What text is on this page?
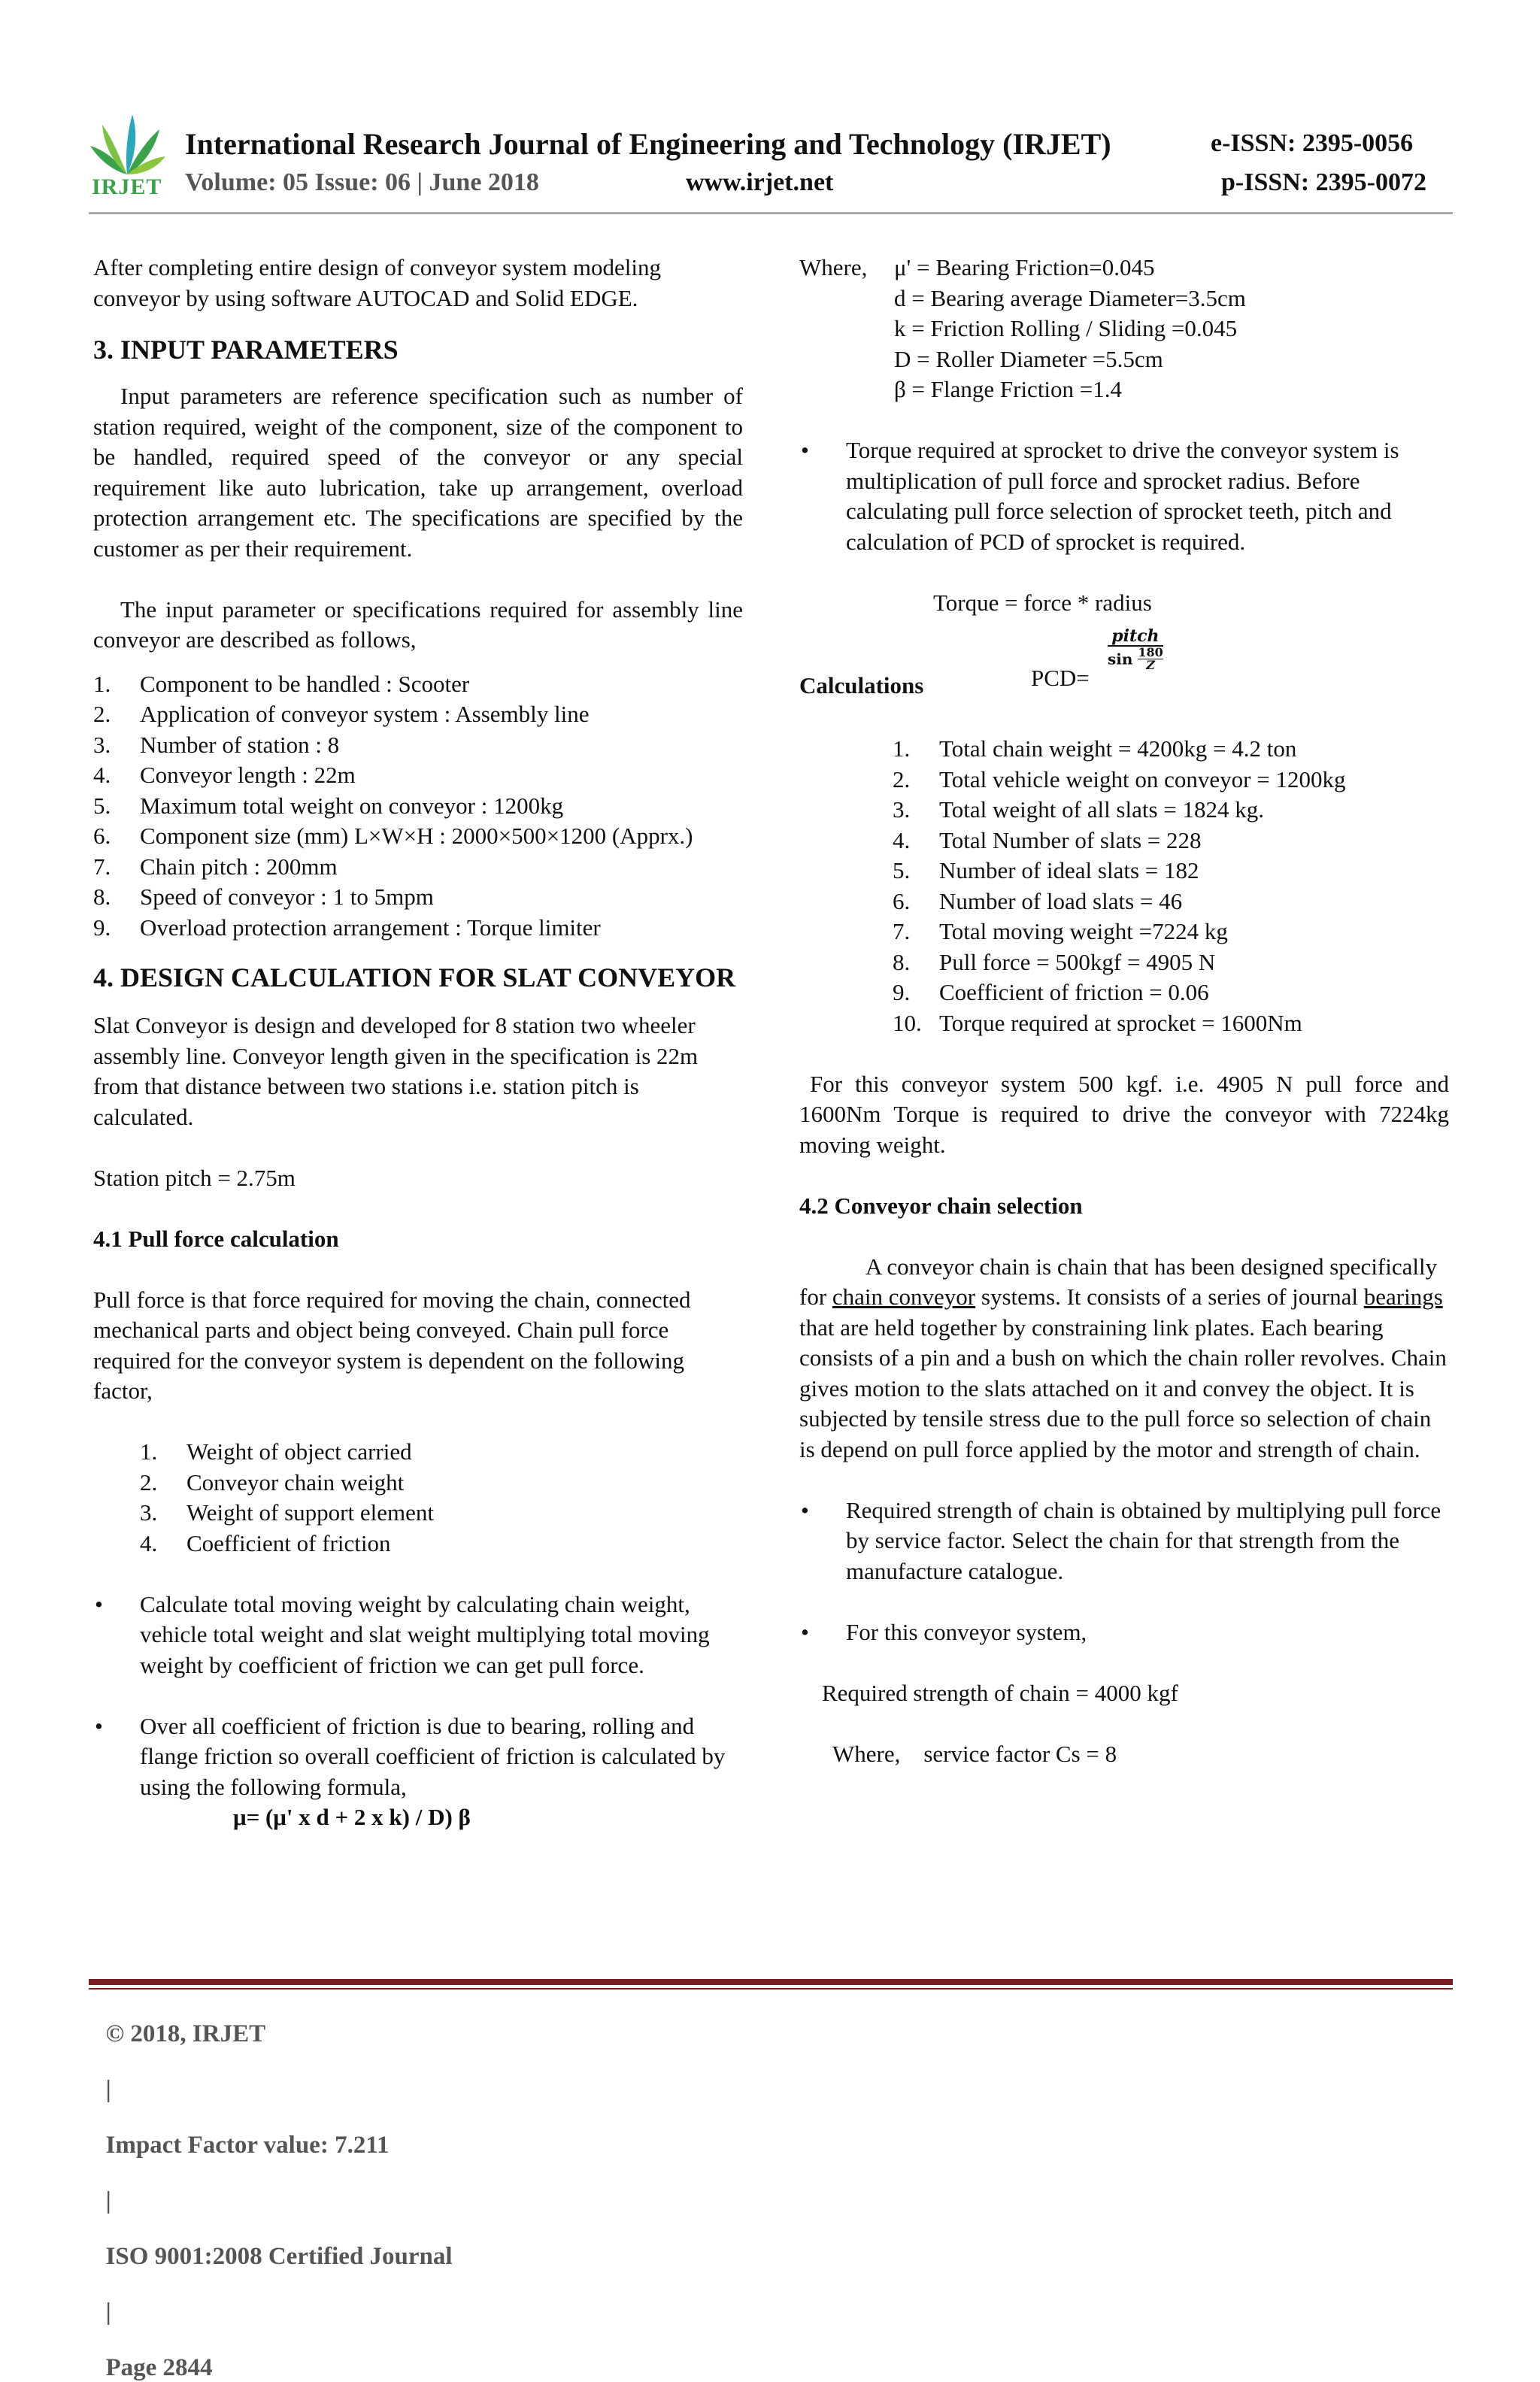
IRJET
International Research Journal of Engineering and Technology (IRJET)	e-ISSN: 2395-0056
Volume: 05 Issue: 06 | June 2018	www.irjet.net	p-ISSN: 2395-0072

After completing entire design of conveyor system modeling conveyor by using software AUTOCAD and Solid EDGE.

3. INPUT PARAMETERS

Input parameters are reference specification such as number of station required, weight of the component, size of the component to be handled, required speed of the conveyor or any special requirement like auto lubrication, take up arrangement, overload protection arrangement etc. The specifications are specified by the customer as per their requirement.

The input parameter or specifications required for assembly line conveyor are described as follows,

1. Component to be handled : Scooter
2. Application of conveyor system : Assembly line
3. Number of station : 8
4. Conveyor length : 22m
5. Maximum total weight on conveyor : 1200kg
6. Component size (mm) L×W×H : 2000×500×1200 (Apprx.)
7. Chain pitch : 200mm
8. Speed of conveyor : 1 to 5mpm
9. Overload protection arrangement : Torque limiter

4. DESIGN CALCULATION FOR SLAT CONVEYOR

Slat Conveyor is design and developed for 8 station two wheeler assembly line. Conveyor length given in the specification is 22m from that distance between two stations i.e. station pitch is calculated.

Station pitch = 2.75m

4.1 Pull force calculation

Pull force is that force required for moving the chain, connected mechanical parts and object being conveyed. Chain pull force required for the conveyor system is dependent on the following factor,

1. Weight of object carried
2. Conveyor chain weight
3. Weight of support element
4. Coefficient of friction
• Calculate total moving weight by calculating chain weight, vehicle total weight and slat weight multiplying total moving weight by coefficient of friction we can get pull force.
• Over all coefficient of friction is due to bearing, rolling and flange friction so overall coefficient of friction is calculated by using the following formula,

μ= (μ' x d + 2 x k) / D) β

Where, μ' = Bearing Friction=0.045

d = Bearing average Diameter=3.5cm

k = Friction Rolling / Sliding =0.045

D = Roller Diameter =5.5cm

β = Flange Friction =1.4

• Torque required at sprocket to drive the conveyor system is multiplication of pull force and sprocket radius. Before calculating pull force selection of sprocket teeth, pitch and calculation of PCD of sprocket is required.

Torque = force * radius

PCD=
pitch
$\sin \frac{180}{Z}$

Calculations

1. Total chain weight = 4200kg = 4.2 ton
2. Total vehicle weight on conveyor = 1200kg
3. Total weight of all slats = 1824 kg.
4. Total Number of slats = 228
5. Number of ideal slats = 182
6. Number of load slats = 46
7. Total moving weight =7224 kg
8. Pull force = 500kgf = 4905 N
9. Coefficient of friction = 0.06
10. Torque required at sprocket = 1600Nm

For this conveyor system 500 kgf. i.e. 4905 N pull force and 1600Nm Torque is required to drive the conveyor with 7224kg moving weight.

4.2 Conveyor chain selection

A conveyor chain is chain that has been designed specifically for chain conveyor systems. It consists of a series of journal bearings that are held together by constraining link plates. Each bearing consists of a pin and a bush on which the chain roller revolves. Chain gives motion to the slats attached on it and convey the object. It is subjected by tensile stress due to the pull force so selection of chain is depend on pull force applied by the motor and strength of chain.

• Required strength of chain is obtained by multiplying pull force by service factor. Select the chain for that strength from the manufacture catalogue.
• For this conveyor system,

Required strength of chain = 4000 kgf

Where,    service factor Cs = 8

© 2018, IRJET

|

Impact Factor value: 7.211

|

ISO 9001:2008 Certified Journal

|

Page 2844
